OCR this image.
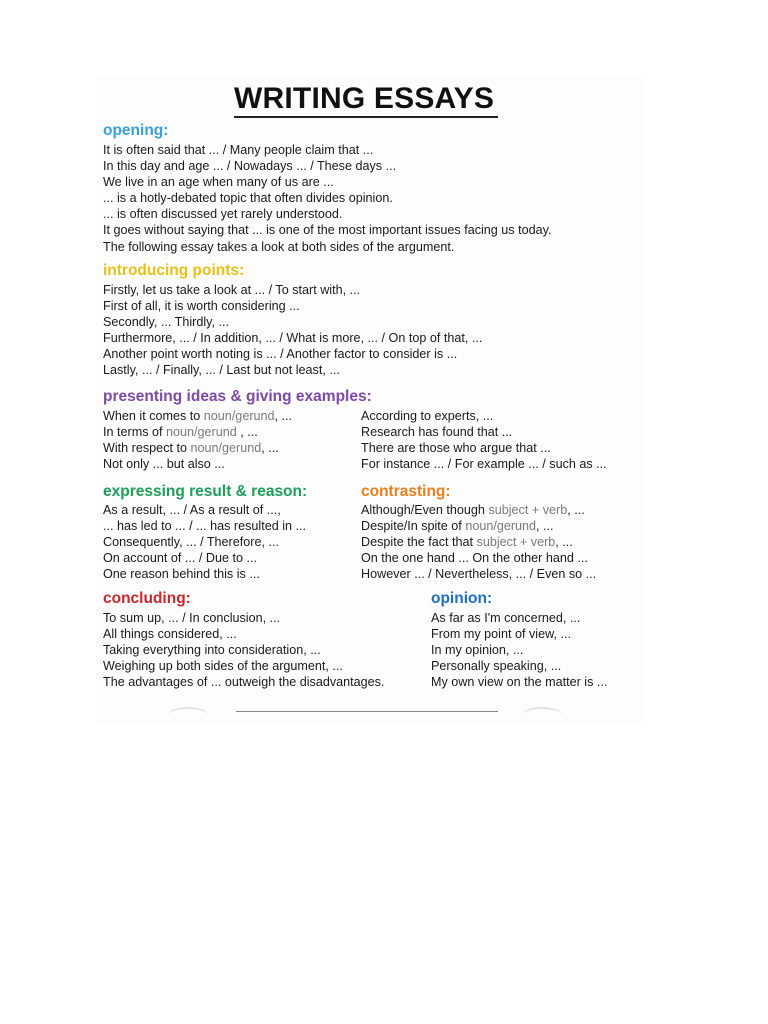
WRITING ESSAYS
opening:
It is often said that ... / Many people claim that ...
In this day and age ... / Nowadays ... / These days ...
We live in an age when many of us are ...
... is a hotly-debated topic that often divides opinion.
... is often discussed yet rarely understood.
It goes without saying that ... is one of the most important issues facing us today.
The following essay takes a look at both sides of the argument.
introducing points:
Firstly, let us take a look at ... / To start with, ...
First of all, it is worth considering ...
Secondly, ... Thirdly, ...
Furthermore, ... / In addition, ... / What is more, ... / On top of that, ...
Another point worth noting is ... / Another factor to consider is ...
Lastly, ... / Finally, ... / Last but not least, ...
presenting ideas & giving examples:
When it comes to noun/gerund, ...
In terms of noun/gerund , ...
With respect to noun/gerund, ...
Not only ... but also ...
According to experts, ...
Research has found that ...
There are those who argue that ...
For instance ... / For example ... / such as ...
expressing result & reason:
As a result, ... / As a result of ...,
... has led to ... / ... has resulted in ...
Consequently, ... / Therefore, ...
On account of ... / Due to ...
One reason behind this is ...
contrasting:
Although/Even though subject + verb, ...
Despite/In spite of noun/gerund, ...
Despite the fact that subject + verb, ...
On the one hand ... On the other hand ...
However ... / Nevertheless, ... / Even so ...
concluding:
To sum up, ... / In conclusion, ...
All things considered, ...
Taking everything into consideration, ...
Weighing up both sides of the argument, ...
The advantages of ... outweigh the disadvantages.
opinion:
As far as I'm concerned, ...
From my point of view, ...
In my opinion, ...
Personally speaking, ...
My own view on the matter is ...
